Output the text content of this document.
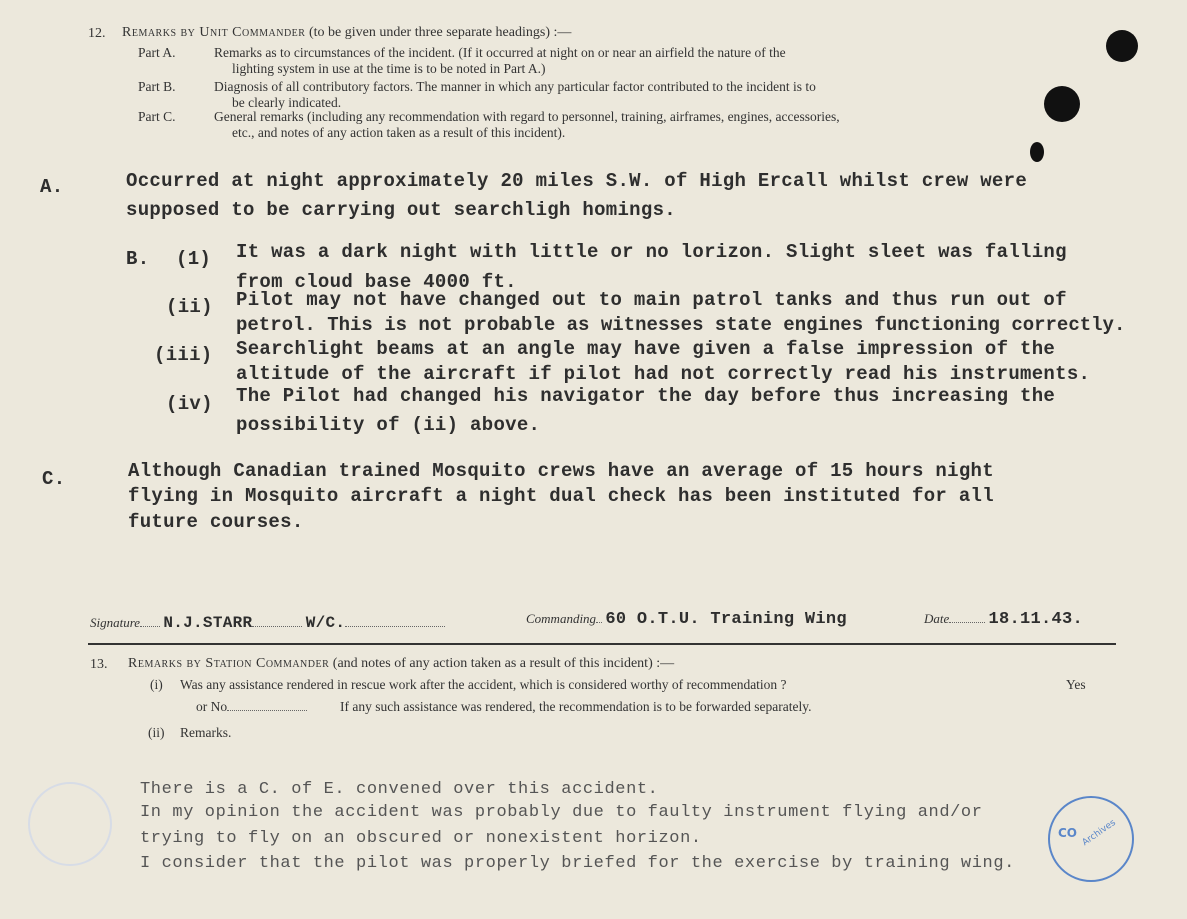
12. Remarks by Unit Commander (to be given under three separate headings) :—
Part A.	Remarks as to circumstances of the incident. (If it occurred at night on or near an airfield the nature of the
lighting system in use at the time is to be noted in Part A.)
Part B.	Diagnosis of all contributory factors. The manner in which any particular factor contributed to the incident is to
be clearly indicated.
Part C.	General remarks (including any recommendation with regard to personnel, training, airframes, engines, accessories,
etc., and notes of any action taken as a result of this incident).
A.	Occurred at night approximately 20 miles S.W. of High Ercall whilst crew were
supposed to be carrying out searchligh homings.
B. (1) It was a dark night with little or no lorizon. Slight sleet was falling
from cloud base 4000 ft.
(ii) Pilot may not have changed out to main patrol tanks and thus run out of
petrol. This is not probable as witnesses state engines functioning correctly.
(iii) Searchlight beams at an angle may have given a false impression of the
altitude of the aircraft if pilot had not correctly read his instruments.
(iv) The Pilot had changed his navigator the day before thus increasing the
possibility of (ii) above.
C.	Although Canadian trained Mosquito crews have an average of 15 hours night
flying in Mosquito aircraft a night dual check has been instituted for all
future courses.
Signature N.J.STARR	W/C.	Commanding 60 O.T.U. Training Wing	Date 18.11.43.
13. Remarks by Station Commander (and notes of any action taken as a result of this incident) :—
(i) Was any assistance rendered in rescue work after the accident, which is considered worthy of recommendation ?	Yes
or No	If any such assistance was rendered, the recommendation is to be forwarded separately.
(ii) Remarks.
There is a C. of E. convened over this accident.
In my opinion the accident was probably due to faulty instrument flying and/or
trying to fly on an obscured or nonexistent horizon.
I consider that the pilot was properly briefed for the exercise by training wing.
CO Archives
